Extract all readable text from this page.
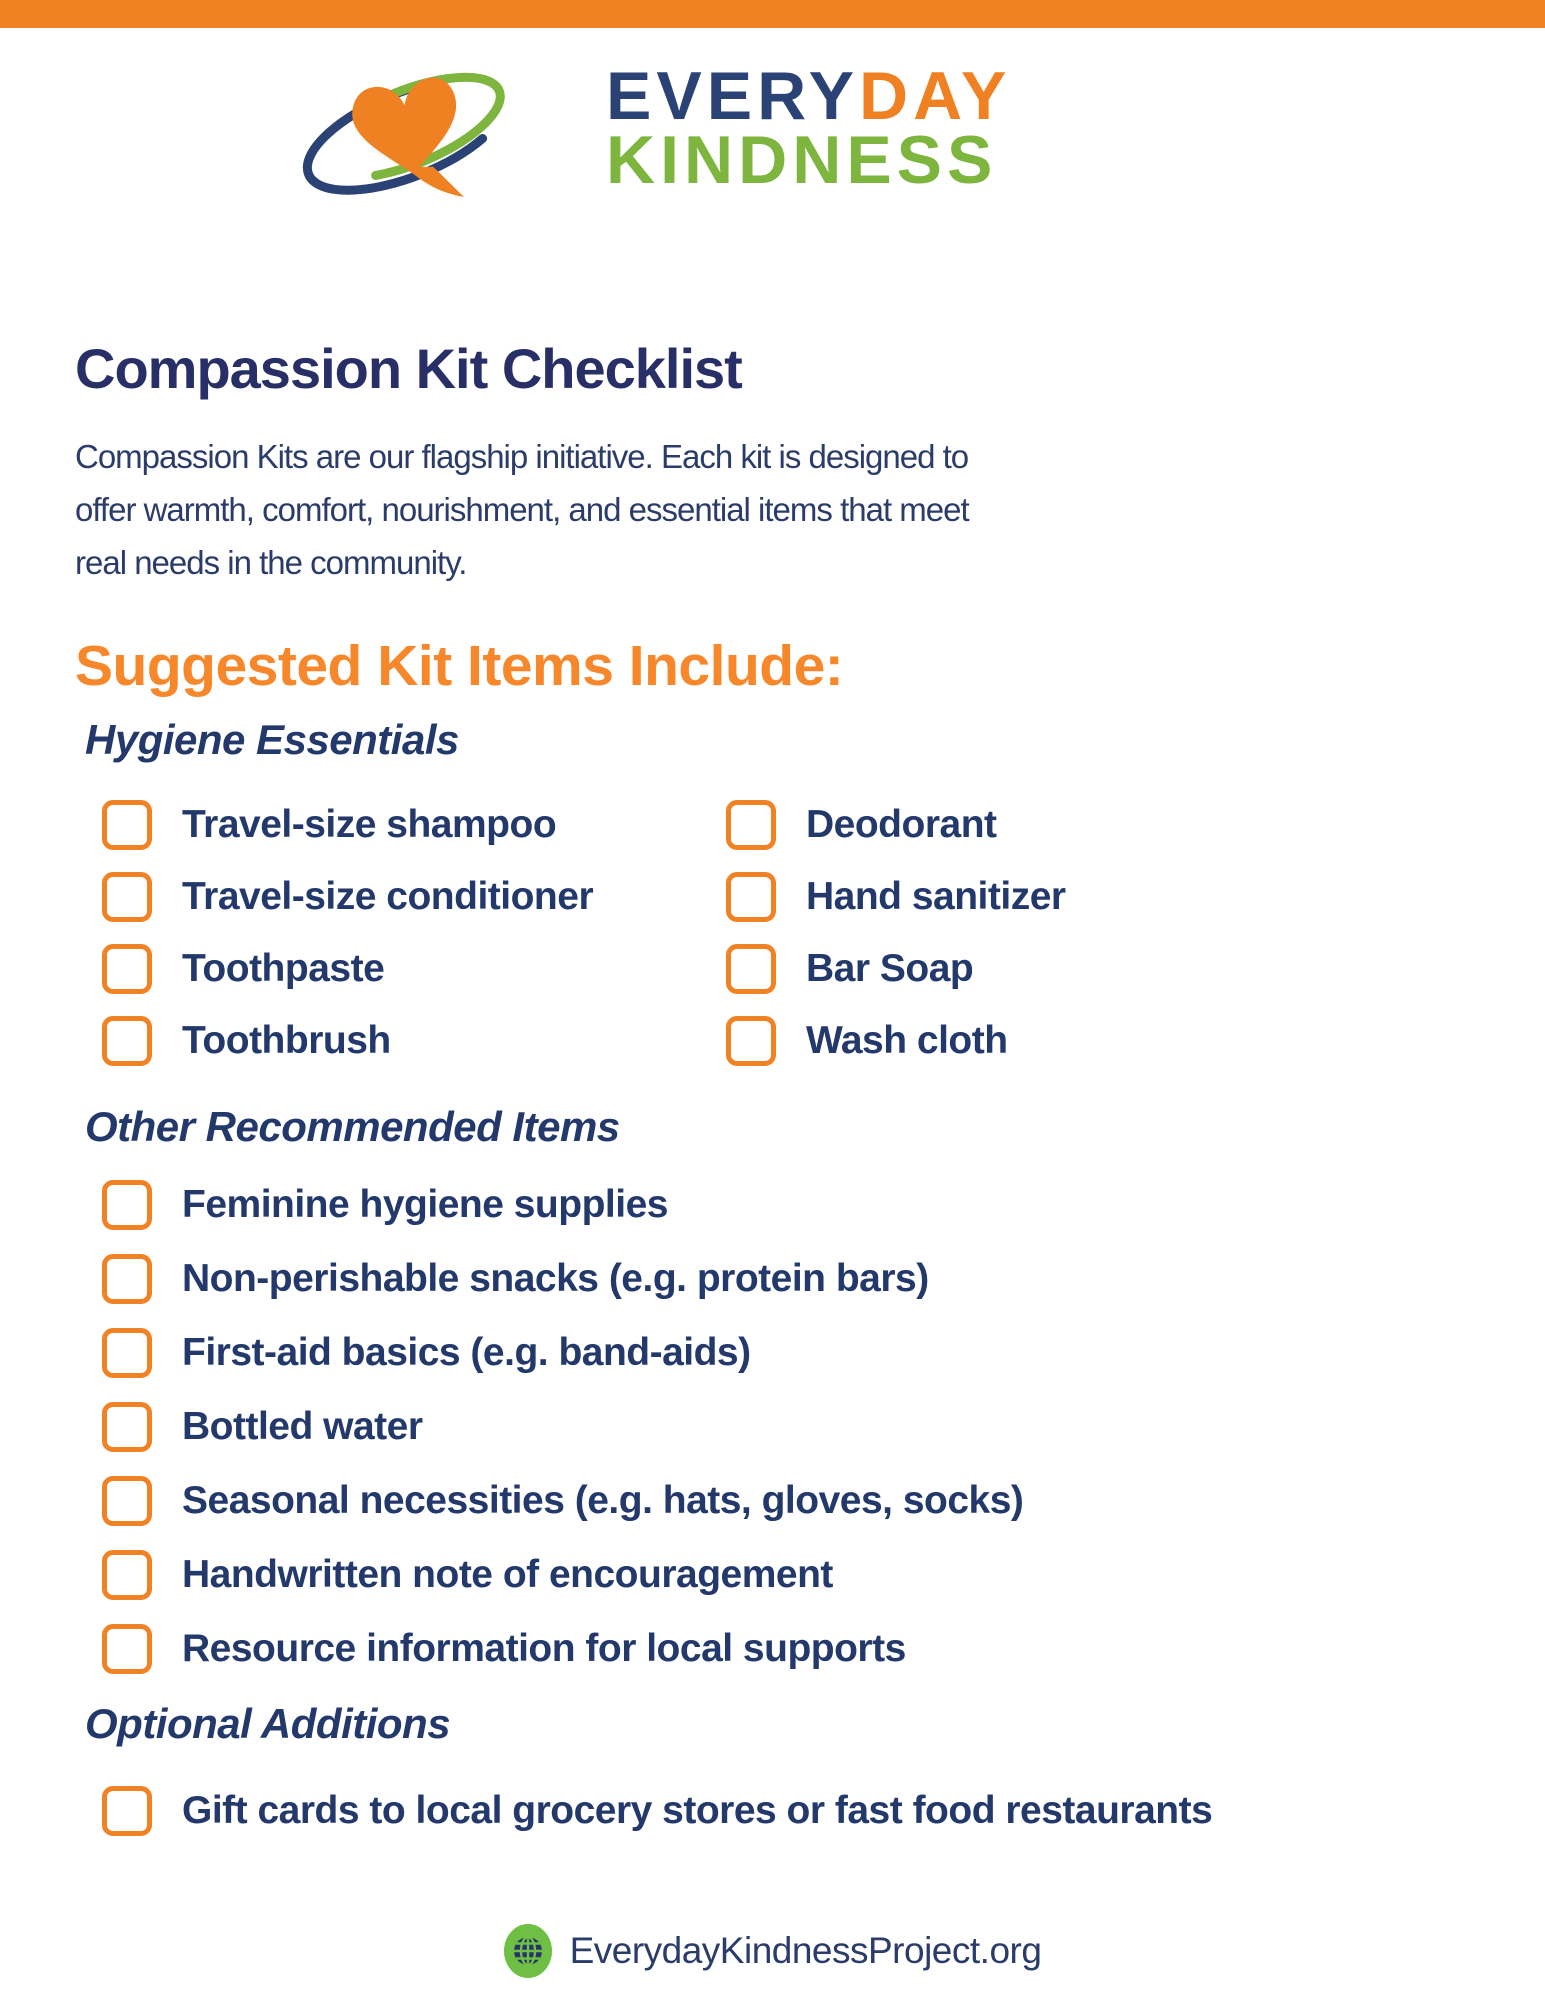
EVERYDAY
KINDNESS
Compassion Kit Checklist
Compassion Kits are our flagship initiative. Each kit is designed to
offer warmth, comfort, nourishment, and essential items that meet
real needs in the community.
Suggested Kit Items Include:
Hygiene Essentials
Travel-size shampoo
Travel-size conditioner
Toothpaste
Toothbrush
Deodorant
Hand sanitizer
Bar Soap
Wash cloth
Other Recommended Items
Feminine hygiene supplies
Non-perishable snacks (e.g. protein bars)
First-aid basics (e.g. band-aids)
Bottled water
Seasonal necessities (e.g. hats, gloves, socks)
Handwritten note of encouragement
Resource information for local supports
Optional Additions
Gift cards to local grocery stores or fast food restaurants
EverydayKindnessProject.org
